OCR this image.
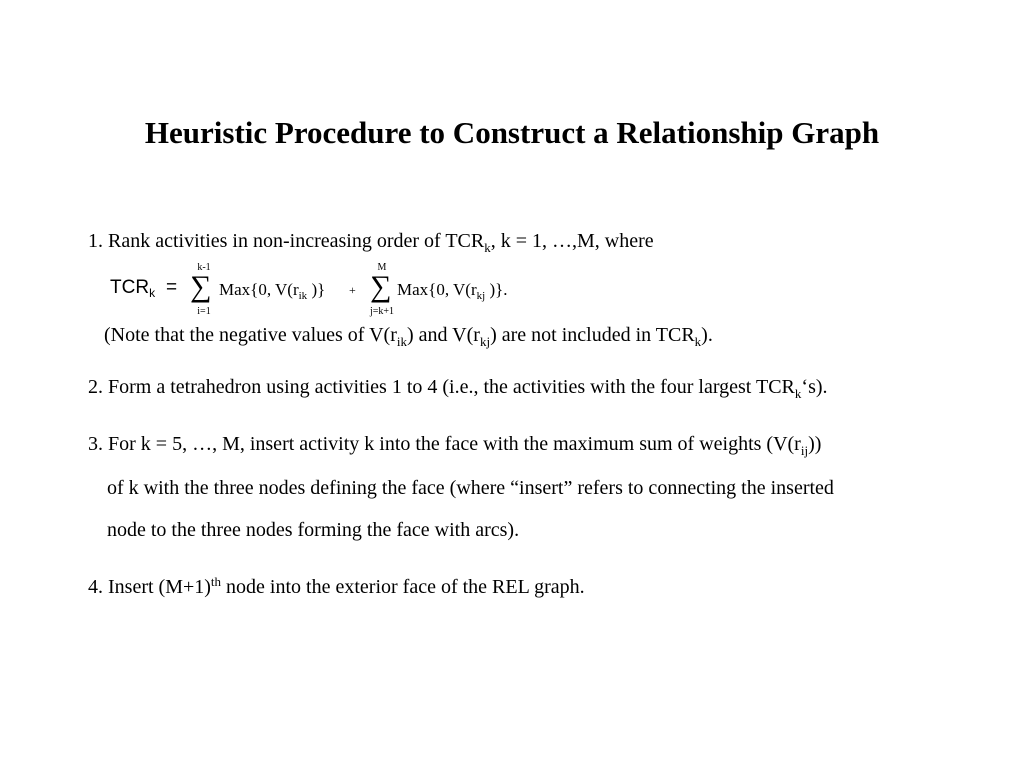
Heuristic Procedure to Construct a Relationship Graph
1. Rank activities in non-increasing order of $TCR_k$, k = 1, …,M, where
$TCR_k$ =
k-1
∑
i=1
Max{0, $V(r_{ik}$ )} +
M
∑
j=k+1
Max{0, $V(r_{kj}$ )}.
(Note that the negative values of $V(r_{ik})$ and $V(r_{kj})$ are not included in $TCR_k$).
2. Form a tetrahedron using activities 1 to 4 (i.e., the activities with the four largest $TCR_k‘s$).
3. For k = 5, …, M, insert activity k into the face with the maximum sum of weights $(V(r_{ij}))$
of k with the three nodes defining the face (where “insert” refers to connecting the inserted
node to the three nodes forming the face with arcs).
4. Insert $(M+1)^{th}$ node into the exterior face of the REL graph.
